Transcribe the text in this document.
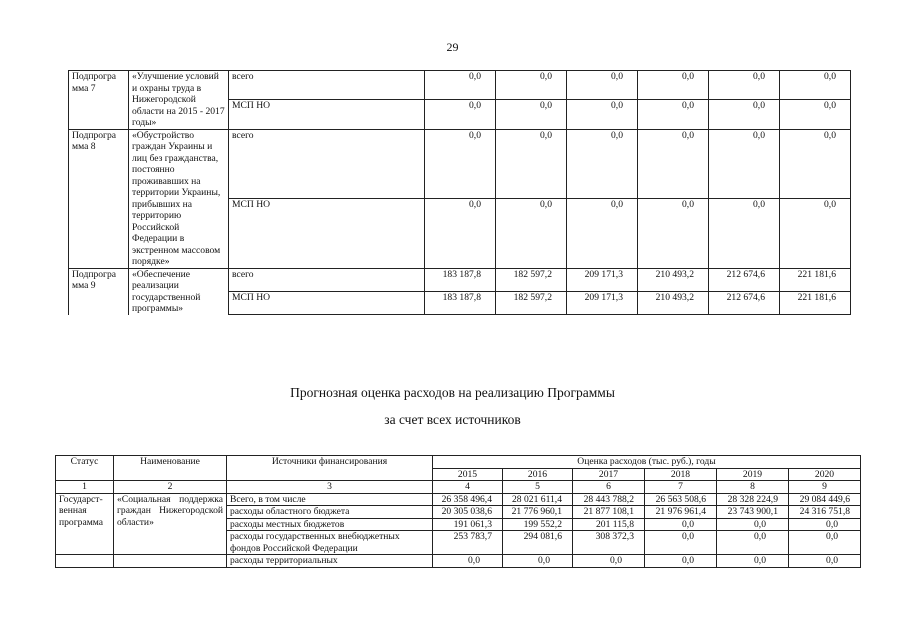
29
Подпрогра мма 7	«Улучшение условий и охраны труда в Нижегородской области на 2015 - 2017 годы»	всего	0,0	0,0	0,0	0,0	0,0	0,0
		МСП НО	0,0	0,0	0,0	0,0	0,0	0,0
Подпрогра мма 8	«Обустройство граждан Украины и лиц без гражданства, постоянно проживавших на территории Украины, прибывших на территорию Российской Федерации в экстренном массовом порядке»	всего	0,0	0,0	0,0	0,0	0,0	0,0
		МСП НО	0,0	0,0	0,0	0,0	0,0	0,0
Подпрогра мма 9	«Обеспечение реализации государственной программы»	всего	183 187,8	182 597,2	209 171,3	210 493,2	212 674,6	221 181,6
		МСП НО	183 187,8	182 597,2	209 171,3	210 493,2	212 674,6	221 181,6
Прогнозная оценка расходов на реализацию Программы
за счет всех источников
Статус	Наименование	Источники финансирования	Оценка расходов (тыс. руб.), годы					
			2015	2016	2017	2018	2019	2020
1	2	3	4	5	6	7	8	9
Государст-венная программа	«Социальная поддержка граждан Нижегородской области»	Всего, в том числе	26 358 496,4	28 021 611,4	28 443 788,2	26 563 508,6	28 328 224,9	29 084 449,6
		расходы областного бюджета	20 305 038,6	21 776 960,1	21 877 108,1	21 976 961,4	23 743 900,1	24 316 751,8
		расходы местных бюджетов	191 061,3	199 552,2	201 115,8	0,0	0,0	0,0
		расходы государственных внебюджетных фондов Российской Федерации	253 783,7	294 081,6	308 372,3	0,0	0,0	0,0
		расходы территориальных	0,0	0,0	0,0	0,0	0,0	0,0
